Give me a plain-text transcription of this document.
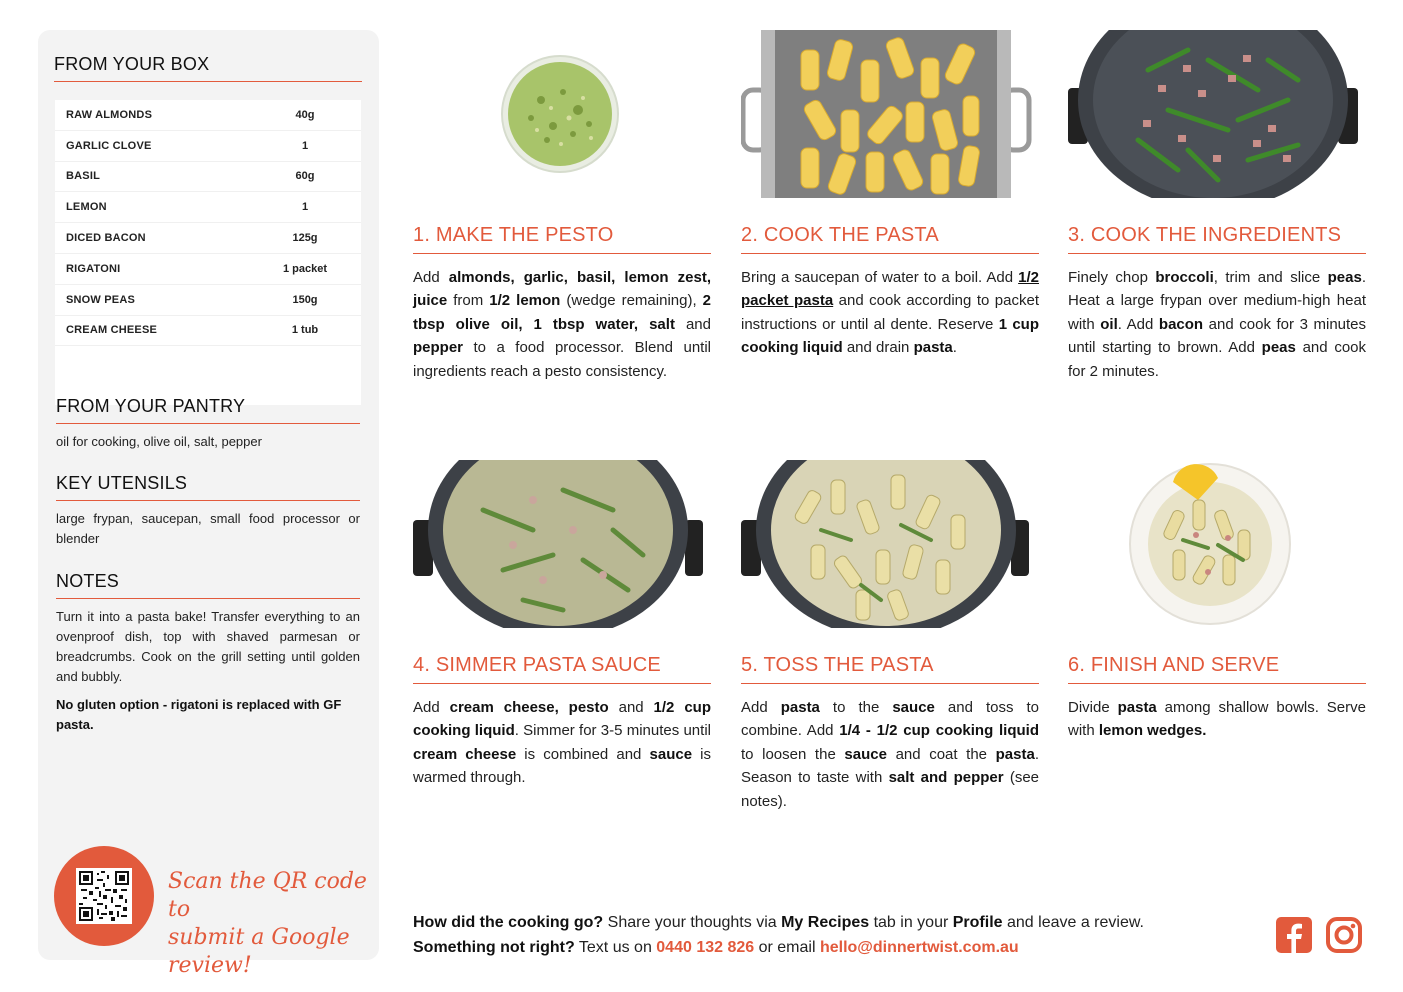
FROM YOUR BOX
RAW ALMONDS	40g
GARLIC CLOVE	1
BASIL	60g
LEMON	1
DICED BACON	125g
RIGATONI	1 packet
SNOW PEAS	150g
CREAM CHEESE	1 tub
FROM YOUR PANTRY
oil for cooking, olive oil, salt, pepper
KEY UTENSILS
large frypan, saucepan, small food processor or blender
NOTES
Turn it into a pasta bake! Transfer everything to an ovenproof dish, top with shaved parmesan or breadcrumbs. Cook on the grill setting until golden and bubbly.
No gluten option - rigatoni is replaced with GF pasta.
Scan the QR code to
submit a Google review!
1. MAKE THE PESTO
Add almonds, garlic, basil, lemon zest, juice from 1/2 lemon (wedge remaining), 2 tbsp olive oil, 1 tbsp water, salt and pepper to a food processor. Blend until ingredients reach a pesto consistency.
2. COOK THE PASTA
Bring a saucepan of water to a boil. Add 1/2 packet pasta and cook according to packet instructions or until al dente. Reserve 1 cup cooking liquid and drain pasta.
3. COOK THE INGREDIENTS
Finely chop broccoli, trim and slice peas. Heat a large frypan over medium-high heat with oil. Add bacon and cook for 3 minutes until starting to brown. Add peas and cook for 2 minutes.
4. SIMMER PASTA SAUCE
Add cream cheese, pesto and 1/2 cup cooking liquid. Simmer for 3-5 minutes until cream cheese is combined and sauce is warmed through.
5. TOSS THE PASTA
Add pasta to the sauce and toss to combine. Add 1/4 - 1/2 cup cooking liquid to loosen the sauce and coat the pasta. Season to taste with salt and pepper (see notes).
6. FINISH AND SERVE
Divide pasta among shallow bowls. Serve with lemon wedges.
How did the cooking go? Share your thoughts via My Recipes tab in your Profile and leave a review.
Something not right? Text us on 0440 132 826 or email hello@dinnertwist.com.au
